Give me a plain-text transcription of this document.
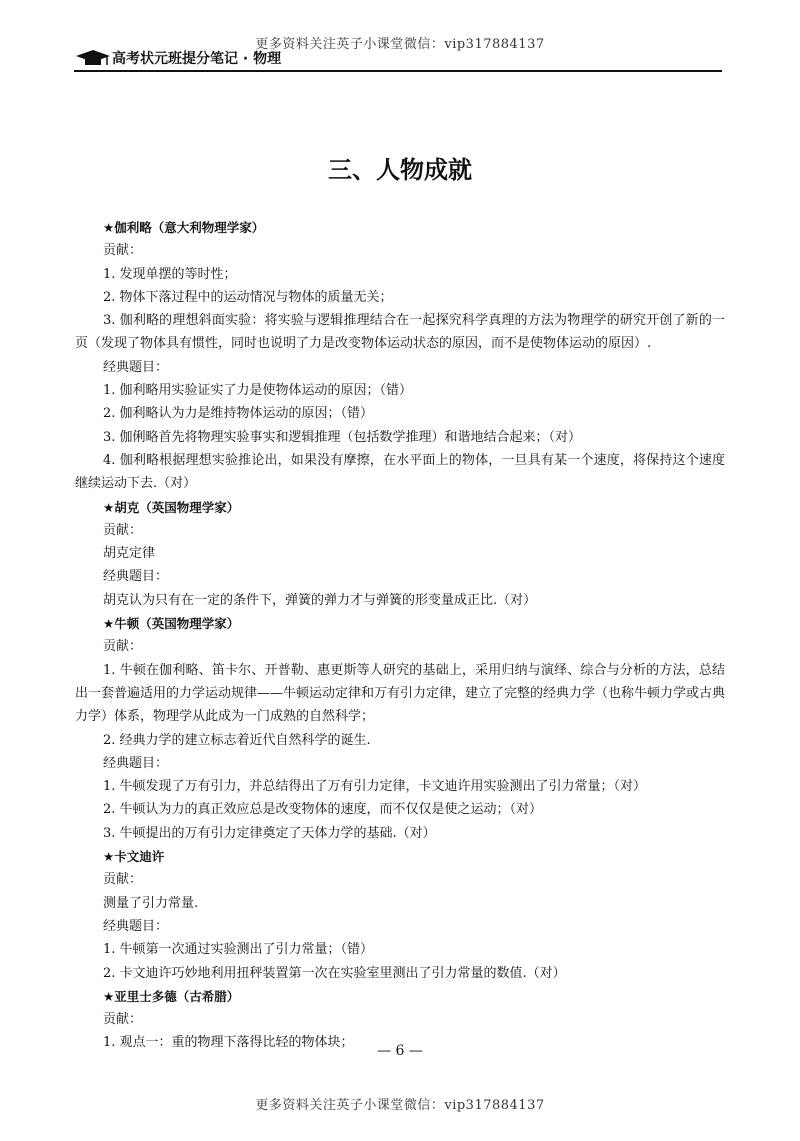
更多资料关注英子小课堂微信：vip317884137
高考状元班提分笔记 · 物理
三、人物成就

★伽利略（意大利物理学家）

贡献：

1. 发现单摆的等时性；

2. 物体下落过程中的运动情况与物体的质量无关；

3. 伽利略的理想斜面实验：将实验与逻辑推理结合在一起探究科学真理的方法为物理学的研究开创了新的一页（发现了物体具有惯性，同时也说明了力是改变物体运动状态的原因，而不是使物体运动的原因）.

经典题目：

1. 伽利略用实验证实了力是使物体运动的原因；（错）

2. 伽利略认为力是维持物体运动的原因；（错）

3. 伽俐略首先将物理实验事实和逻辑推理（包括数学推理）和谐地结合起来；（对）

4. 伽利略根据理想实验推论出，如果没有摩擦，在水平面上的物体，一旦具有某一个速度，将保持这个速度继续运动下去.（对）

★胡克（英国物理学家）

贡献：

胡克定律

经典题目：

胡克认为只有在一定的条件下，弹簧的弹力才与弹簧的形变量成正比.（对）

★牛顿（英国物理学家）

贡献：

1. 牛顿在伽利略、笛卡尔、开普勒、惠更斯等人研究的基础上，采用归纳与演绎、综合与分析的方法，总结出一套普遍适用的力学运动规律——牛顿运动定律和万有引力定律，建立了完整的经典力学（也称牛顿力学或古典力学）体系，物理学从此成为一门成熟的自然科学；

2. 经典力学的建立标志着近代自然科学的诞生.

经典题目：

1. 牛顿发现了万有引力，并总结得出了万有引力定律，卡文迪许用实验测出了引力常量；（对）

2. 牛顿认为力的真正效应总是改变物体的速度，而不仅仅是使之运动；（对）

3. 牛顿提出的万有引力定律奠定了天体力学的基础.（对）

★卡文迪许

贡献：

测量了引力常量.

经典题目：

1. 牛顿第一次通过实验测出了引力常量；（错）

2. 卡文迪许巧妙地利用扭秤装置第一次在实验室里测出了引力常量的数值.（对）

★亚里士多德（古希腊）

贡献：

1. 观点一：重的物理下落得比轻的物体块；

— 6 —
更多资料关注英子小课堂微信：vip317884137
